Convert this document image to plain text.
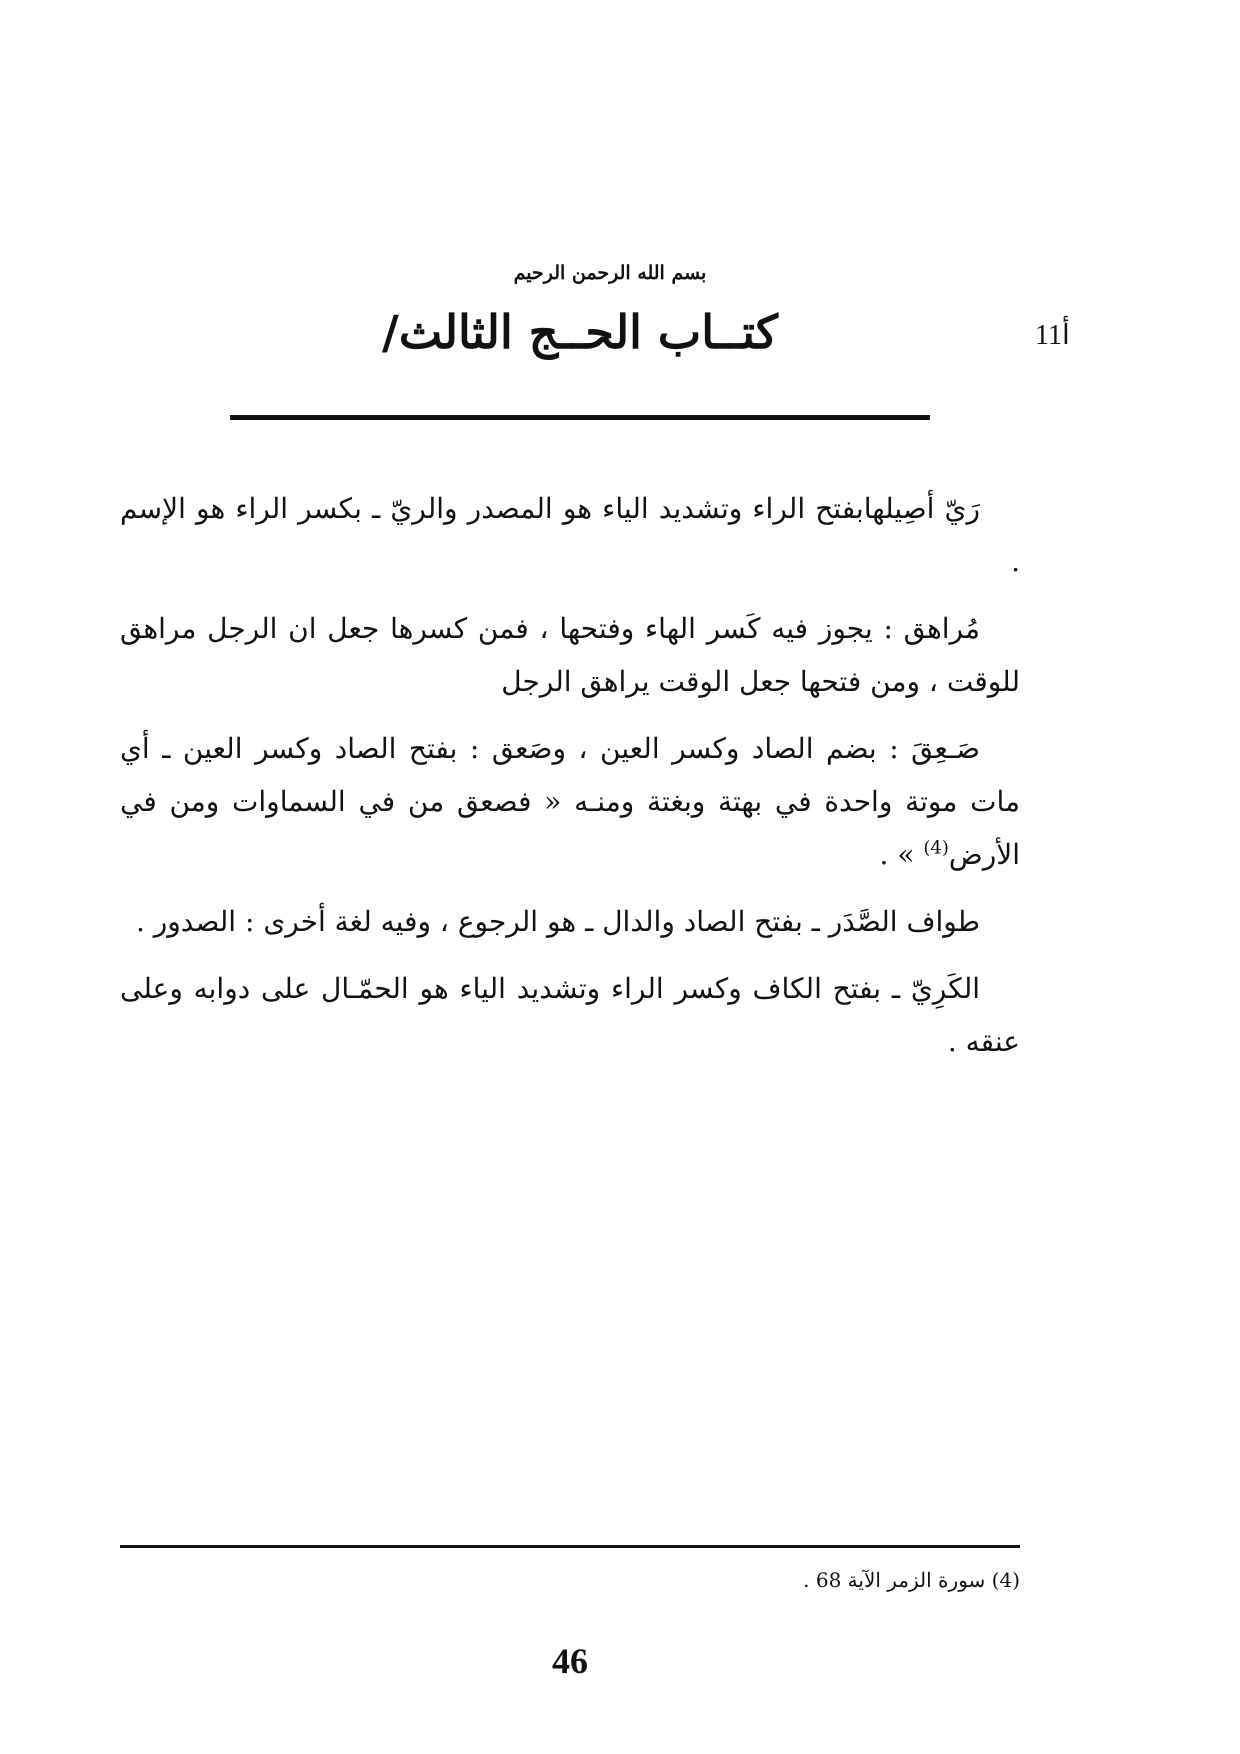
بسم الله الرحمن الرحيم
كتــاب الحــج الثالث/	أ11

رَيّ أصِيلهابفتح الراء وتشديد الياء هو المصدر والريّ ـ بكسر الراء هو الإسم .

مُراهق : يجوز فيه كَسر الهاء وفتحها ، فمن كسرها جعل ان الرجل مراهق للوقت ، ومن فتحها جعل الوقت يراهق الرجل

صَـعِقَ : بضم الصاد وكسر العين ، وصَعق : بفتح الصاد وكسر العين ـ أي مات موتة واحدة في بهتة وبغتة ومنـه « فصعق من في السماوات ومن في الأرض$^{(4)}$ » .

طواف الصَّدَر ـ بفتح الصاد والدال ـ هو الرجوع ، وفيه لغة أخرى : الصدور .

الكَرِيّ ـ بفتح الكاف وكسر الراء وتشديد الياء هو الحمّـال على دوابه وعلى عنقه .

(4) سورة الزمر الآية 68 .
46
